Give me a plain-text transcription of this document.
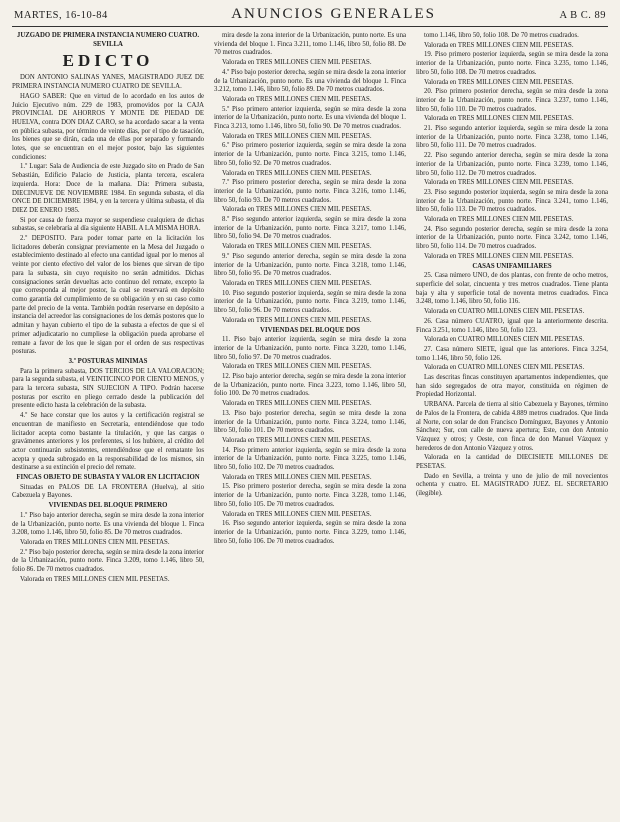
MARTES, 16-10-84	ANUNCIOS GENERALES	A B C. 89

JUZGADO DE PRIMERA INSTANCIA NUMERO CUATRO. SEVILLA

EDICTO

DON ANTONIO SALINAS YANES, MAGISTRADO JUEZ DE PRIMERA INSTANCIA NUMERO CUATRO DE SEVILLA.

HAGO SABER: Que en virtud de lo acordado en los autos de Juicio Ejecutivo núm. 229 de 1983, promovidos por la CAJA PROVINCIAL DE AHORROS Y MONTE DE PIEDAD DE HUELVA, contra DON DIAZ CARO, se ha acordado sacar a la venta en pública subasta, por término de veinte días, por el tipo de tasación, los bienes que se dirán, cada una de ellas por separado y formando lotes, que se encuentran en el mejor postor, bajo las siguientes condiciones:

1.º Lugar: Sala de Audiencia de este Juzgado sito en Prado de San Sebastián, Edificio Palacio de Justicia, planta tercera, escalera izquierda. Hora: Doce de la mañana. Día: Primera subasta, DIECINUEVE DE NOVIEMBRE 1984. En segunda subasta, el día ONCE DE DICIEMBRE 1984, y en la tercera y última subasta, el día DIEZ DE ENERO 1985.

Si por causa de fuerza mayor se suspendiese cualquiera de dichas subastas, se celebraría al día siguiente HABIL A LA MISMA HORA.

2.º DEPOSITO. Para poder tomar parte en la licitación los licitadores deberán consignar previamente en la Mesa del Juzgado o establecimiento destinado al efecto una cantidad igual por lo menos al veinte por ciento efectivo del valor de los bienes que sirvan de tipo para la subasta, sin cuyo requisito no serán admitidos. Dichas consignaciones serán devueltas acto continuo del remate, excepto la que corresponda al mejor postor, la cual se reservará en depósito como garantía del cumplimiento de su obligación y en su caso como parte del precio de la venta. También podrán reservarse en depósito a instancia del acreedor las consignaciones de los demás postores que lo admitan y hayan cubierto el tipo de la subasta a efectos de que si el primer adjudicatario no cumpliese la obligación pueda aprobarse el remate a favor de los que le sigan por el orden de sus respectivas posturas.

3.º POSTURAS MINIMAS

Para la primera subasta, DOS TERCIOS DE LA VALORACION; para la segunda subasta, el VEINTICINCO POR CIENTO MENOS, y para la tercera subasta, SIN SUJECION A TIPO. Podrán hacerse posturas por escrito en pliego cerrado desde la publicación del presente edicto hasta la celebración de la subasta.

4.º Se hace constar que los autos y la certificación registral se encuentran de manifiesto en Secretaría, entendiéndose que todo licitador acepta como bastante la titulación, y que las cargas o gravámenes anteriores y los preferentes, si los hubiere, al crédito del actor continuarán subsistentes, entendiéndose que el rematante los acepta y queda subrogado en la responsabilidad de los mismos, sin destinarse a su extinción el precio del remate.

FINCAS OBJETO DE SUBASTA Y VALOR EN LICITACION

Situadas en PALOS DE LA FRONTERA (Huelva), al sitio Cabezuela y Bayones.

VIVIENDAS DEL BLOQUE PRIMERO

1.º Piso bajo anterior derecha, según se mira desde la zona interior de la Urbanización, punto norte. Es una vivienda del bloque 1. Finca 3.208, tomo 1.146, libro 50, folio 85. De 70 metros cuadrados.

Valorada en TRES MILLONES CIEN MIL PESETAS.

2.º Piso bajo posterior derecha, según se mira desde la zona interior de la Urbanización, punto norte. Finca 3.209, tomo 1.146, libro 50, folio 86. De 70 metros cuadrados.

Valorada en TRES MILLONES CIEN MIL PESETAS.

mira desde la zona interior de la Urbanización, punto norte. Es una vivienda del bloque 1. Finca 3.211, tomo 1.146, libro 50, folio 88. De 70 metros cuadrados.

Valorada en TRES MILLONES CIEN MIL PESETAS.

4.º Piso bajo posterior derecha, según se mira desde la zona interior de la Urbanización, punto norte. Es una vivienda del bloque 1. Finca 3.212, tomo 1.146, libro 50, folio 89. De 70 metros cuadrados.

Valorada en TRES MILLONES CIEN MIL PESETAS.

5.º Piso primero anterior izquierda, según se mira desde la zona interior de la Urbanización, punto norte. Es una vivienda del bloque 1. Finca 3.213, tomo 1.146, libro 50, folio 90. De 70 metros cuadrados.

Valorada en TRES MILLONES CIEN MIL PESETAS.

6.º Piso primero posterior izquierda, según se mira desde la zona interior de la Urbanización, punto norte. Finca 3.215, tomo 1.146, libro 50, folio 92. De 70 metros cuadrados.

Valorada en TRES MILLONES CIEN MIL PESETAS.

7.º Piso primero posterior derecha, según se mira desde la zona interior de la Urbanización, punto norte. Finca 3.216, tomo 1.146, libro 50, folio 93. De 70 metros cuadrados.

Valorada en TRES MILLONES CIEN MIL PESETAS.

8.º Piso segundo anterior izquierda, según se mira desde la zona interior de la Urbanización, punto norte. Finca 3.217, tomo 1.146, libro 50, folio 94. De 70 metros cuadrados.

Valorada en TRES MILLONES CIEN MIL PESETAS.

9.º Piso segundo anterior derecha, según se mira desde la zona interior de la Urbanización, punto norte. Finca 3.218, tomo 1.146, libro 50, folio 95. De 70 metros cuadrados.

Valorada en TRES MILLONES CIEN MIL PESETAS.

10. Piso segundo posterior izquierda, según se mira desde la zona interior de la Urbanización, punto norte. Finca 3.219, tomo 1.146, libro 50, folio 96. De 70 metros cuadrados.

Valorada en TRES MILLONES CIEN MIL PESETAS.

VIVIENDAS DEL BLOQUE DOS

11. Piso bajo anterior izquierda, según se mira desde la zona interior de la Urbanización, punto norte. Finca 3.220, tomo 1.146, libro 50, folio 97. De 70 metros cuadrados.

Valorada en TRES MILLONES CIEN MIL PESETAS.

12. Piso bajo anterior derecha, según se mira desde la zona interior de la Urbanización, punto norte. Finca 3.223, tomo 1.146, libro 50, folio 100. De 70 metros cuadrados.

Valorada en TRES MILLONES CIEN MIL PESETAS.

13. Piso bajo posterior derecha, según se mira desde la zona interior de la Urbanización, punto norte. Finca 3.224, tomo 1.146, libro 50, folio 101. De 70 metros cuadrados.

Valorada en TRES MILLONES CIEN MIL PESETAS.

14. Piso primero anterior izquierda, según se mira desde la zona interior de la Urbanización, punto norte. Finca 3.225, tomo 1.146, libro 50, folio 102. De 70 metros cuadrados.

Valorada en TRES MILLONES CIEN MIL PESETAS.

15. Piso primero posterior derecha, según se mira desde la zona interior de la Urbanización, punto norte. Finca 3.228, tomo 1.146, libro 50, folio 105. De 70 metros cuadrados.

Valorada en TRES MILLONES CIEN MIL PESETAS.

16. Piso segundo anterior izquierda, según se mira desde la zona interior de la Urbanización, punto norte. Finca 3.229, tomo 1.146, libro 50, folio 106. De 70 metros cuadrados.

tomo 1.146, libro 50, folio 108. De 70 metros cuadrados.

Valorada en TRES MILLONES CIEN MIL PESETAS.

19. Piso primero posterior izquierda, según se mira desde la zona interior de la Urbanización, punto norte. Finca 3.235, tomo 1.146, libro 50, folio 108. De 70 metros cuadrados.

Valorada en TRES MILLONES CIEN MIL PESETAS.

20. Piso primero posterior derecha, según se mira desde la zona interior de la Urbanización, punto norte. Finca 3.237, tomo 1.146, libro 50, folio 110. De 70 metros cuadrados.

Valorada en TRES MILLONES CIEN MIL PESETAS.

21. Piso segundo anterior izquierda, según se mira desde la zona interior de la Urbanización, punto norte. Finca 3.238, tomo 1.146, libro 50, folio 111. De 70 metros cuadrados.

22. Piso segundo anterior derecha, según se mira desde la zona interior de la Urbanización, punto norte. Finca 3.239, tomo 1.146, libro 50, folio 112. De 70 metros cuadrados.

Valorada en TRES MILLONES CIEN MIL PESETAS.

23. Piso segundo posterior izquierda, según se mira desde la zona interior de la Urbanización, punto norte. Finca 3.241, tomo 1.146, libro 50, folio 113. De 70 metros cuadrados.

Valorada en TRES MILLONES CIEN MIL PESETAS.

24. Piso segundo posterior derecha, según se mira desde la zona interior de la Urbanización, punto norte. Finca 3.242, tomo 1.146, libro 50, folio 114. De 70 metros cuadrados.

Valorada en TRES MILLONES CIEN MIL PESETAS.

CASAS UNIFAMILIARES

25. Casa número UNO, de dos plantas, con frente de ocho metros, superficie del solar, cincuenta y tres metros cuadrados. Tiene planta baja y alta y superficie total de noventa metros cuadrados. Finca 3.248, tomo 1.146, libro 50, folio 116.

Valorada en CUATRO MILLONES CIEN MIL PESETAS.

26. Casa número CUATRO, igual que la anteriormente descrita. Finca 3.251, tomo 1.146, libro 50, folio 123.

Valorada en CUATRO MILLONES CIEN MIL PESETAS.

27. Casa número SIETE, igual que las anteriores. Finca 3.254, tomo 1.146, libro 50, folio 126.

Valorada en CUATRO MILLONES CIEN MIL PESETAS.

Las descritas fincas constituyen apartamentos independientes, que han sido segregados de otra mayor, constituida en régimen de Propiedad Horizontal.

URBANA. Parcela de tierra al sitio Cabezuela y Bayones, término de Palos de la Frontera, de cabida 4.889 metros cuadrados. Que linda al Norte, con solar de don Francisco Domínguez, Bayones y Antonio Sánchez; Sur, con calle de nueva apertura; Este, con don Antonio Vázquez y otros; y Oeste, con finca de don Manuel Vázquez y herederos de don Antonio Vázquez y otros.

Valorada en la cantidad de DIECISIETE MILLONES DE PESETAS.

Dado en Sevilla, a treinta y uno de julio de mil novecientos ochenta y cuatro. EL MAGISTRADO JUEZ. EL SECRETARIO (ilegible).
